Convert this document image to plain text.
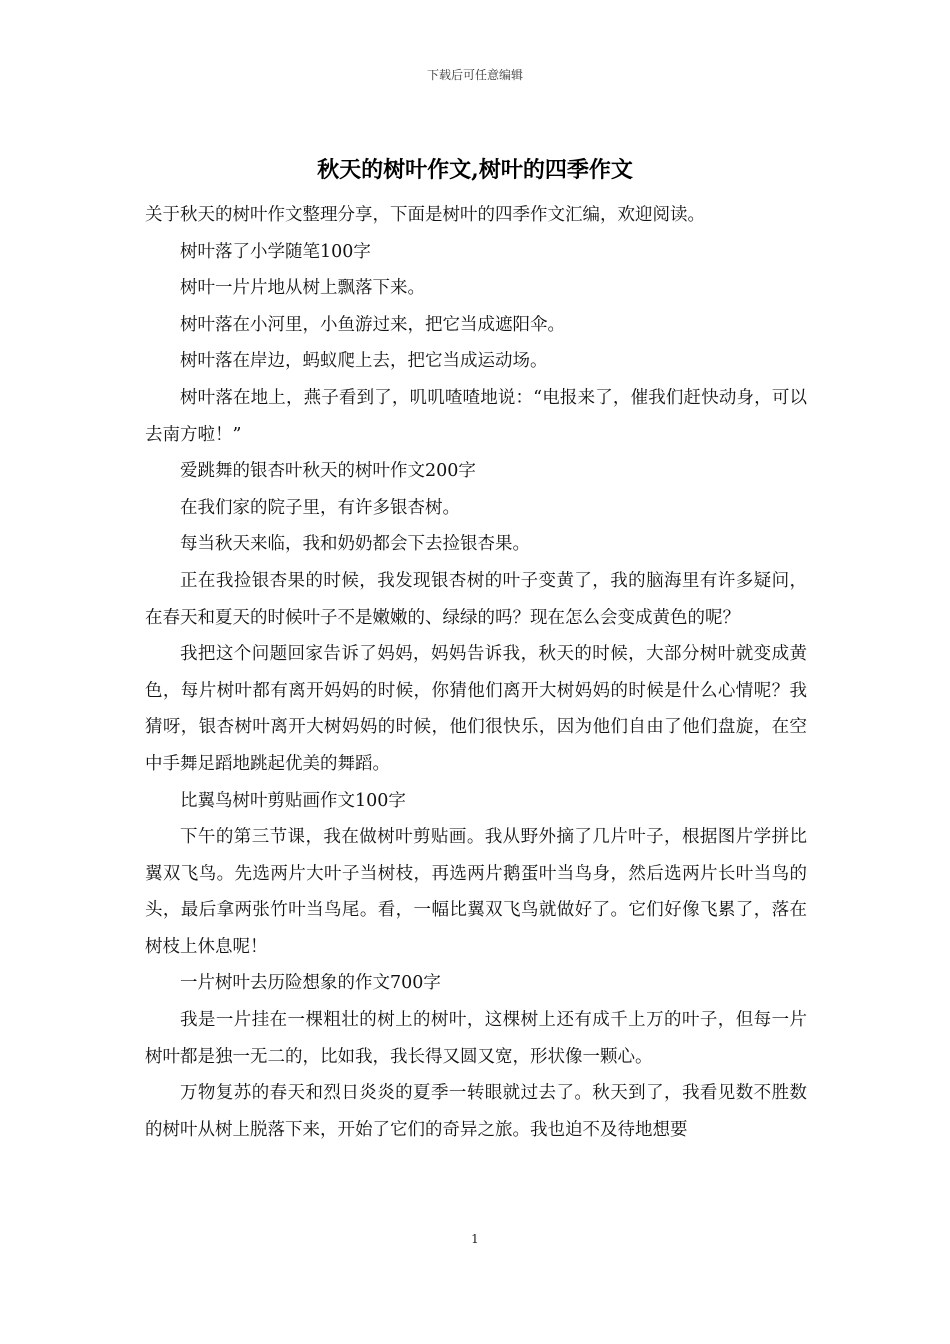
下载后可任意编辑
秋天的树叶作文,树叶的四季作文

关于秋天的树叶作文整理分享，下面是树叶的四季作文汇编，欢迎阅读。

树叶落了小学随笔100字

树叶一片片地从树上飘落下来。

树叶落在小河里，小鱼游过来，把它当成遮阳伞。

树叶落在岸边，蚂蚁爬上去，把它当成运动场。

树叶落在地上，燕子看到了，叽叽喳喳地说：“电报来了，催我们赶快动身，可以去南方啦！”

爱跳舞的银杏叶秋天的树叶作文200字

在我们家的院子里，有许多银杏树。

每当秋天来临，我和奶奶都会下去捡银杏果。

正在我捡银杏果的时候，我发现银杏树的叶子变黄了，我的脑海里有许多疑问，在春天和夏天的时候叶子不是嫩嫩的、绿绿的吗？现在怎么会变成黄色的呢？

我把这个问题回家告诉了妈妈，妈妈告诉我，秋天的时候，大部分树叶就变成黄色，每片树叶都有离开妈妈的时候，你猜他们离开大树妈妈的时候是什么心情呢？我猜呀，银杏树叶离开大树妈妈的时候，他们很快乐，因为他们自由了他们盘旋，在空中手舞足蹈地跳起优美的舞蹈。

比翼鸟树叶剪贴画作文100字

下午的第三节课，我在做树叶剪贴画。我从野外摘了几片叶子，根据图片学拼比翼双飞鸟。先选两片大叶子当树枝，再选两片鹅蛋叶当鸟身，然后选两片长叶当鸟的头，最后拿两张竹叶当鸟尾。看，一幅比翼双飞鸟就做好了。它们好像飞累了，落在树枝上休息呢！

一片树叶去历险想象的作文700字

我是一片挂在一棵粗壮的树上的树叶，这棵树上还有成千上万的叶子，但每一片树叶都是独一无二的，比如我，我长得又圆又宽，形状像一颗心。

万物复苏的春天和烈日炎炎的夏季一转眼就过去了。秋天到了，我看见数不胜数的树叶从树上脱落下来，开始了它们的奇异之旅。我也迫不及待地想要

1
